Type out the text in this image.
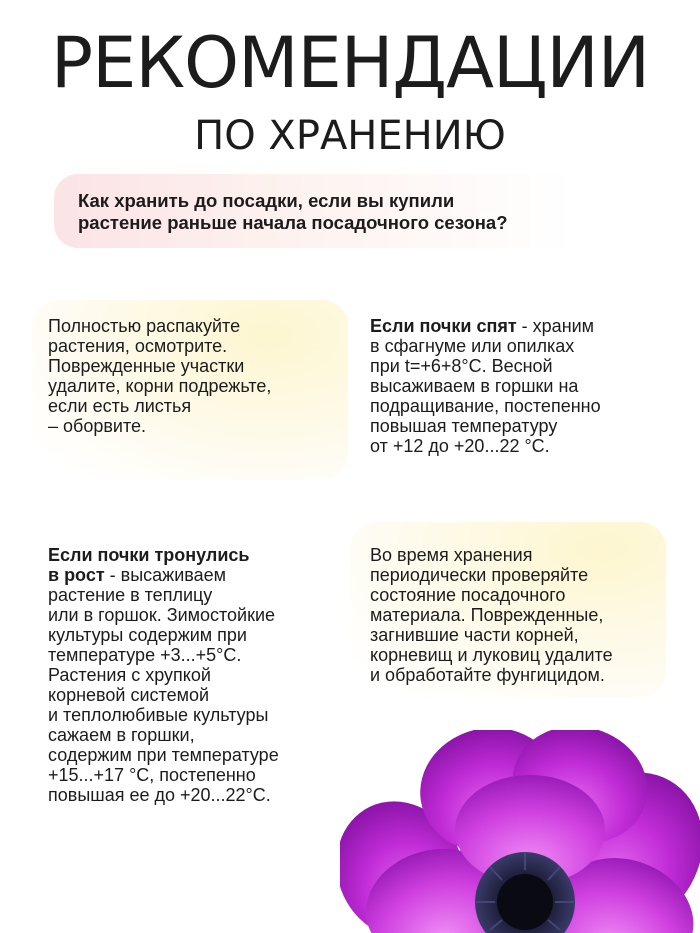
РЕКОМЕНДАЦИИ
ПО ХРАНЕНИЮ
Как хранить до посадки, если вы купили
растение раньше начала посадочного сезона?
Полностью распакуйте
растения, осмотрите.
Поврежденные участки
удалите, корни подрежьте,
если есть листья
– оборвите.
Если почки спят - храним
в сфагнуме или опилках
при t=+6+8°C. Весной
высаживаем в горшки на
подращивание, постепенно
повышая температуру
от +12 до +20...22 °С.
Если почки тронулись
в рост - высаживаем
растение в теплицу
или в горшок. Зимостойкие
культуры содержим при
температуре +3...+5°С.
Растения с хрупкой
корневой системой
и теплолюбивые культуры
сажаем в горшки,
содержим при температуре
+15...+17 °С, постепенно
повышая ее до +20...22°С.
Во время хранения
периодически проверяйте
состояние посадочного
материала. Поврежденные,
загнившие части корней,
корневищ и луковиц удалите
и обработайте фунгицидом.
